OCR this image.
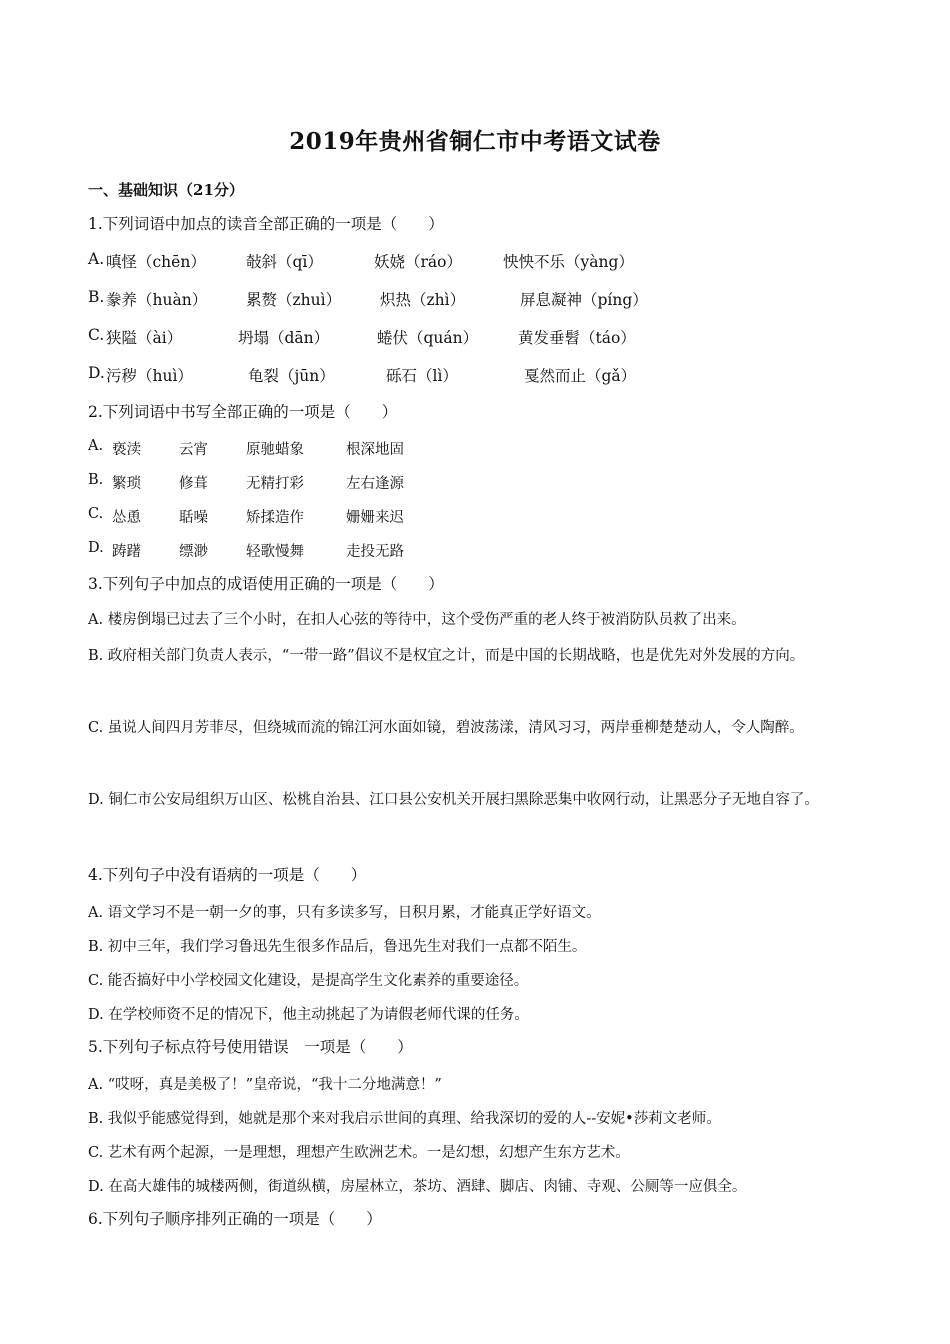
2019年贵州省铜仁市中考语文试卷
一、基础知识（21分）
1.下列词语中加点的读音全部正确的一项是（　　）
A. 嗔怪（chēn）	敧斜（qī）	妖娆（ráo）	怏怏不乐（yàng）
B. 豢养（huàn）	累赘（zhuì）	炽热（zhì）	屏息凝神（píng）
C. 狭隘（ài）	坍塌（dān）	蜷伏（quán）	黄发垂髫（táo）
D. 污秽（huì）	龟裂（jūn）	砾石（lì）	戛然而止（gǎ）
2.下列词语中书写全部正确的一项是（　　）
A. 亵渎	云宵	原驰蜡象	根深地固
B. 繁琐	修葺	无精打彩	左右逢源
C. 怂恿	聒噪	矫揉造作	姗姗来迟
D. 踌躇	缥渺	轻歌慢舞	走投无路
3.下列句子中加点的成语使用正确的一项是（　　）
A. 楼房倒塌已过去了三个小时，在扣人心弦的等待中，这个受伤严重的老人终于被消防队员救了出来。
B. 政府相关部门负责人表示，“一带一路”倡议不是权宜之计，而是中国的长期战略，也是优先对外发展的方向。
C. 虽说人间四月芳菲尽，但绕城而流的锦江河水面如镜，碧波荡漾，清风习习，两岸垂柳楚楚动人，令人陶醉。
D. 铜仁市公安局组织万山区、松桃自治县、江口县公安机关开展扫黑除恶集中收网行动，让黑恶分子无地自容了。
4.下列句子中没有语病的一项是（　　）
A. 语文学习不是一朝一夕的事，只有多读多写，日积月累，才能真正学好语文。
B. 初中三年，我们学习鲁迅先生很多作品后，鲁迅先生对我们一点都不陌生。
C. 能否搞好中小学校园文化建设，是提高学生文化素养的重要途径。
D. 在学校师资不足的情况下，他主动挑起了为请假老师代课的任务。
5.下列句子标点符号使用错误　一项是（　　）
A. “哎呀，真是美极了！”皇帝说，“我十二分地满意！”
B. 我似乎能感觉得到，她就是那个来对我启示世间的真理、给我深切的爱的人--安妮•莎莉文老师。
C. 艺术有两个起源，一是理想，理想产生欧洲艺术。一是幻想，幻想产生东方艺术。
D. 在高大雄伟的城楼两侧，街道纵横，房屋林立，茶坊、酒肆、脚店、肉铺、寺观、公厕等一应俱全。
6.下列句子顺序排列正确的一项是（　　）
